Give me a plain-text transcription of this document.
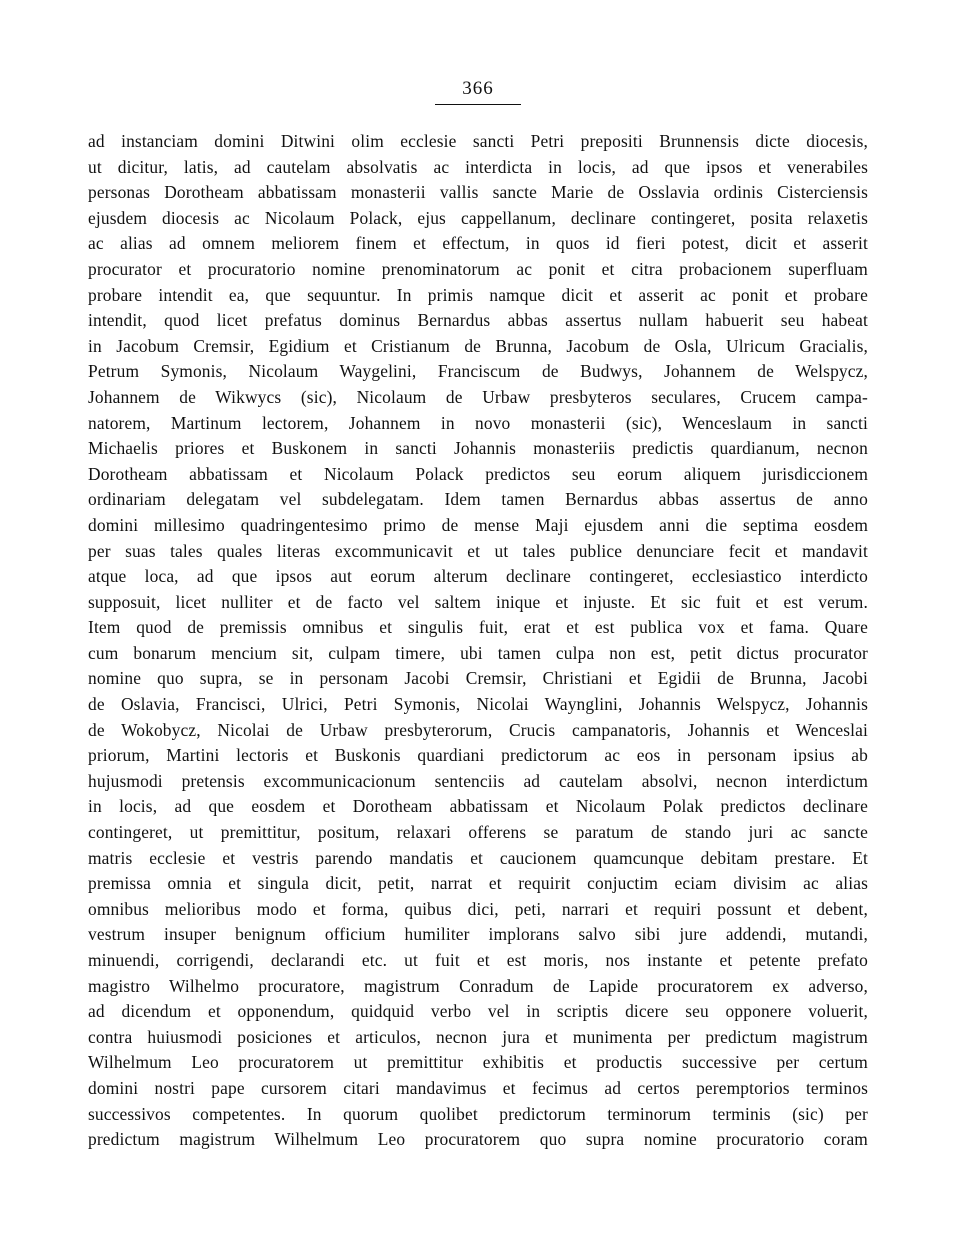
366
ad instanciam domini Ditwini olim ecclesie sancti Petri prepositi Brunnensis dicte diocesis,
ut dicitur, latis, ad cautelam absolvatis ac interdicta in locis, ad que ipsos et venerabiles
personas Dorotheam abbatissam monasterii vallis sancte Marie de Osslavia ordinis Cisterciensis
ejusdem diocesis ac Nicolaum Polack, ejus cappellanum, declinare contingeret, posita relaxetis
ac alias ad omnem meliorem finem et effectum, in quos id fieri potest, dicit et asserit
procurator et procuratorio nomine prenominatorum ac ponit et citra probacionem superfluam
probare intendit ea, que sequuntur. In primis namque dicit et asserit ac ponit et probare
intendit, quod licet prefatus dominus Bernardus abbas assertus nullam habuerit seu habeat
in Jacobum Cremsir, Egidium et Cristianum de Brunna, Jacobum de Osla, Ulricum Gracialis,
Petrum Symonis, Nicolaum Waygelini, Franciscum de Budwys, Johannem de Welspycz,
Johannem de Wikwycs (sic), Nicolaum de Urbaw presbyteros seculares, Crucem campa-
natorem, Martinum lectorem, Johannem in novo monasterii (sic), Wenceslaum in sancti
Michaelis priores et Buskonem in sancti Johannis monasteriis predictis quardianum, necnon
Dorotheam abbatissam et Nicolaum Polack predictos seu eorum aliquem jurisdiccionem
ordinariam delegatam vel subdelegatam. Idem tamen Bernardus abbas assertus de anno
domini millesimo quadringentesimo primo de mense Maji ejusdem anni die septima eosdem
per suas tales quales literas excommunicavit et ut tales publice denunciare fecit et mandavit
atque loca, ad que ipsos aut eorum alterum declinare contingeret, ecclesiastico interdicto
supposuit, licet nulliter et de facto vel saltem inique et injuste. Et sic fuit et est verum.
Item quod de premissis omnibus et singulis fuit, erat et est publica vox et fama. Quare
cum bonarum mencium sit, culpam timere, ubi tamen culpa non est, petit dictus procurator
nomine quo supra, se in personam Jacobi Cremsir, Christiani et Egidii de Brunna, Jacobi
de Oslavia, Francisci, Ulrici, Petri Symonis, Nicolai Waynglini, Johannis Welspycz, Johannis
de Wokobycz, Nicolai de Urbaw presbyterorum, Crucis campanatoris, Johannis et Wenceslai
priorum, Martini lectoris et Buskonis quardiani predictorum ac eos in personam ipsius ab
hujusmodi pretensis excommunicacionum sentenciis ad cautelam absolvi, necnon interdictum
in locis, ad que eosdem et Dorotheam abbatissam et Nicolaum Polak predictos declinare
contingeret, ut premittitur, positum, relaxari offerens se paratum de stando juri ac sancte
matris ecclesie et vestris parendo mandatis et caucionem quamcunque debitam prestare. Et
premissa omnia et singula dicit, petit, narrat et requirit conjuctim eciam divisim ac alias
omnibus melioribus modo et forma, quibus dici, peti, narrari et requiri possunt et debent,
vestrum insuper benignum officium humiliter implorans salvo sibi jure addendi, mutandi,
minuendi, corrigendi, declarandi etc. ut fuit et est moris, nos instante et petente prefato
magistro Wilhelmo procuratore, magistrum Conradum de Lapide procuratorem ex adverso,
ad dicendum et opponendum, quidquid verbo vel in scriptis dicere seu opponere voluerit,
contra huiusmodi posiciones et articulos, necnon jura et munimenta per predictum magistrum
Wilhelmum Leo procuratorem ut premittitur exhibitis et productis successive per certum
domini nostri pape cursorem citari mandavimus et fecimus ad certos peremptorios terminos
successivos competentes. In quorum quolibet predictorum terminorum terminis (sic) per
predictum magistrum Wilhelmum Leo procuratorem quo supra nomine procuratorio coram
